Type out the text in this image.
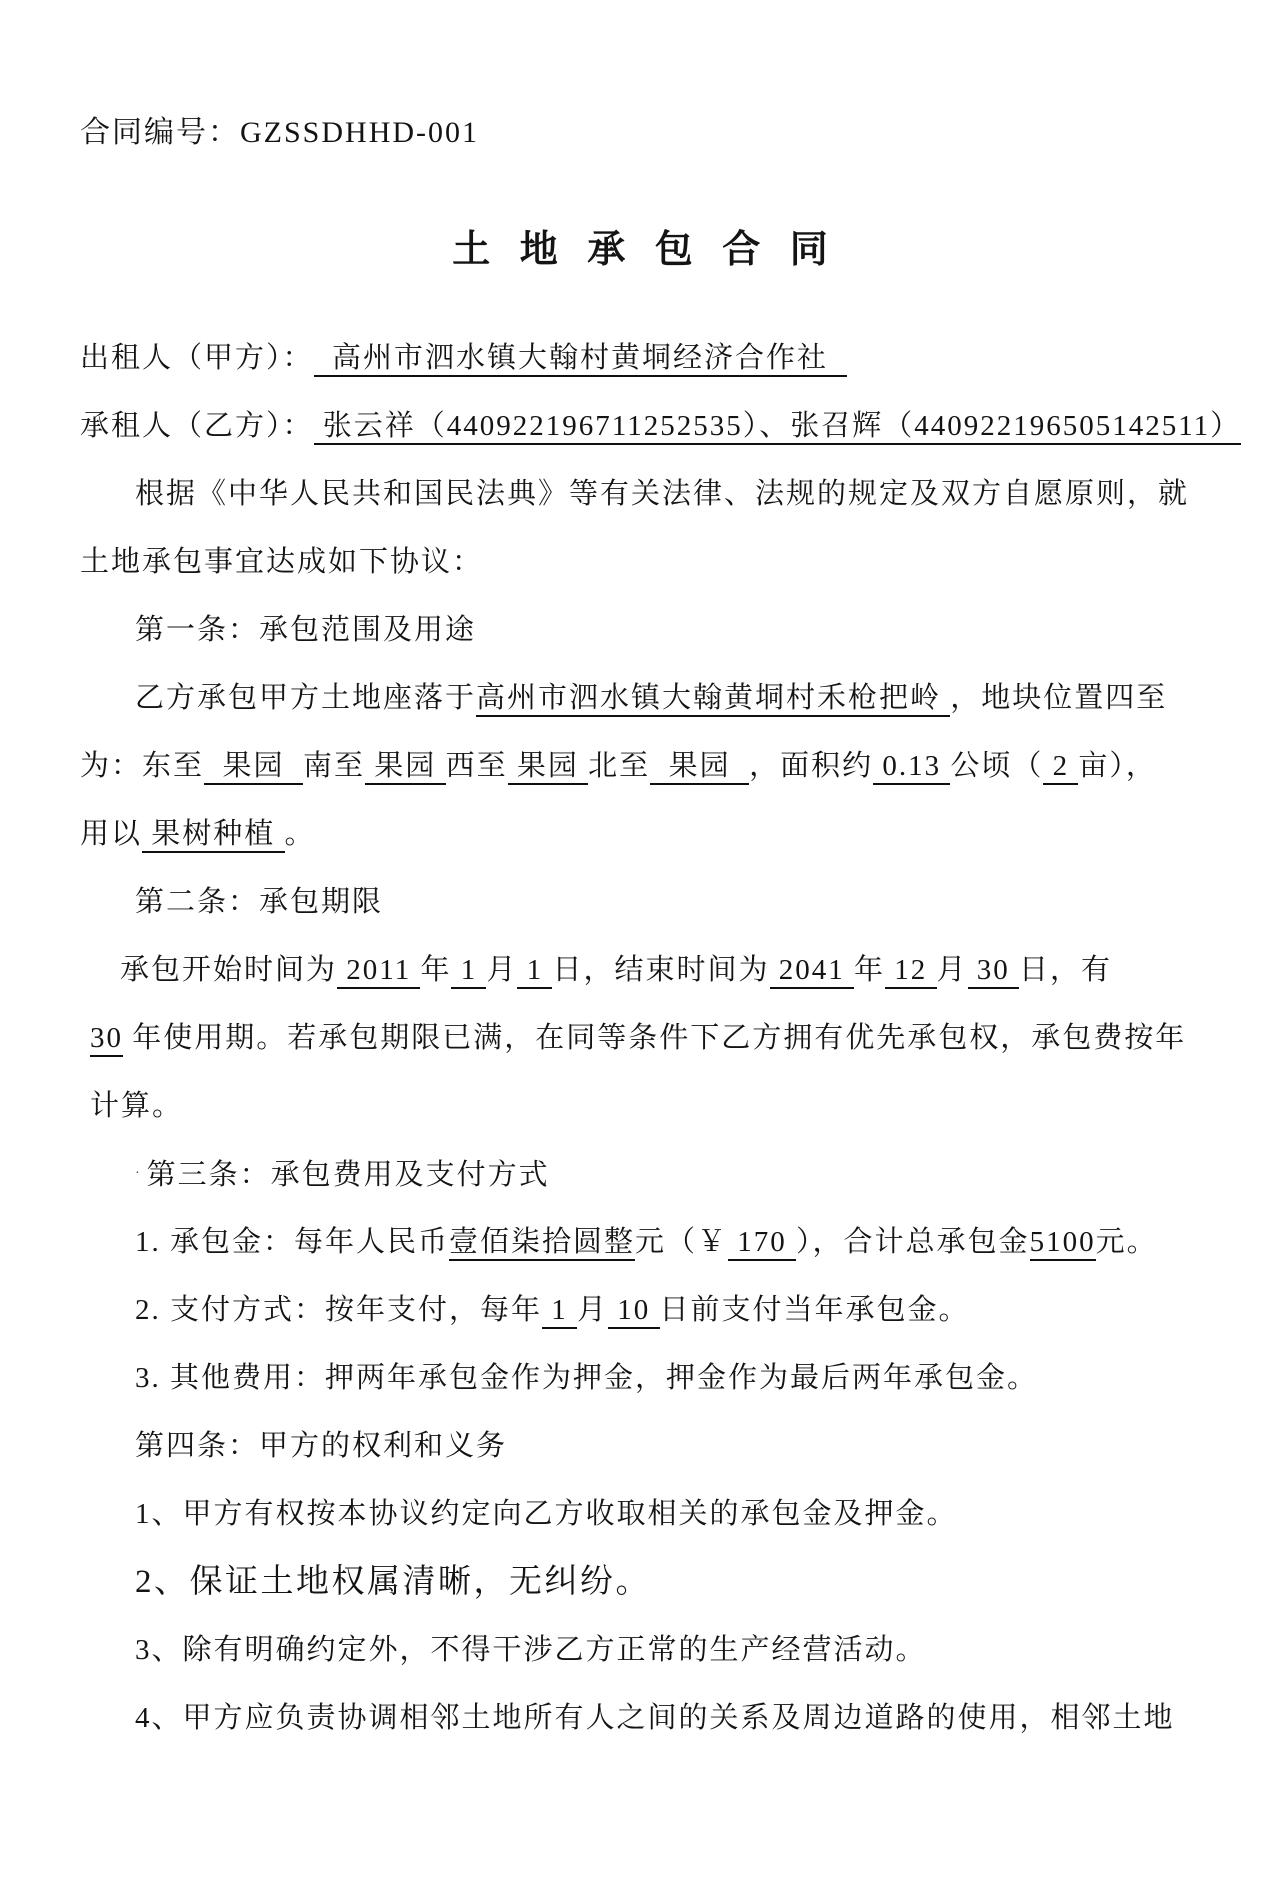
合同编号：GZSSDHHD-001
土 地 承 包 合 同
出租人（甲方）：  高州市泗水镇大翰村黄垌经济合作社
承租人（乙方）： 张云祥（440922196711252535）、张召辉（440922196505142511）
根据《中华人民共和国民法典》等有关法律、法规的规定及双方自愿原则，就
土地承包事宜达成如下协议：
第一条：承包范围及用途
乙方承包甲方土地座落于高州市泗水镇大翰黄垌村禾枪把岭 ，地块位置四至
为：东至  果园  南至 果园 西至 果园 北至  果园  ，面积约 0.13 公顷（ 2 亩），
用以 果树种植 。
第二条：承包期限
承包开始时间为 2011 年 1 月 1 日，结束时间为 2041 年 12 月 30 日，有
30 年使用期。若承包期限已满，在同等条件下乙方拥有优先承包权，承包费按年
计算。
· 第三条：承包费用及支付方式
1. 承包金：每年人民币壹佰柒拾圆整元（￥ 170 ），合计总承包金5100元。
2. 支付方式：按年支付，每年 1 月 10 日前支付当年承包金。
3. 其他费用：押两年承包金作为押金，押金作为最后两年承包金。
第四条：甲方的权利和义务
1、甲方有权按本协议约定向乙方收取相关的承包金及押金。
2、保证土地权属清晰，无纠纷。
3、除有明确约定外，不得干涉乙方正常的生产经营活动。
4、甲方应负责协调相邻土地所有人之间的关系及周边道路的使用，相邻土地
